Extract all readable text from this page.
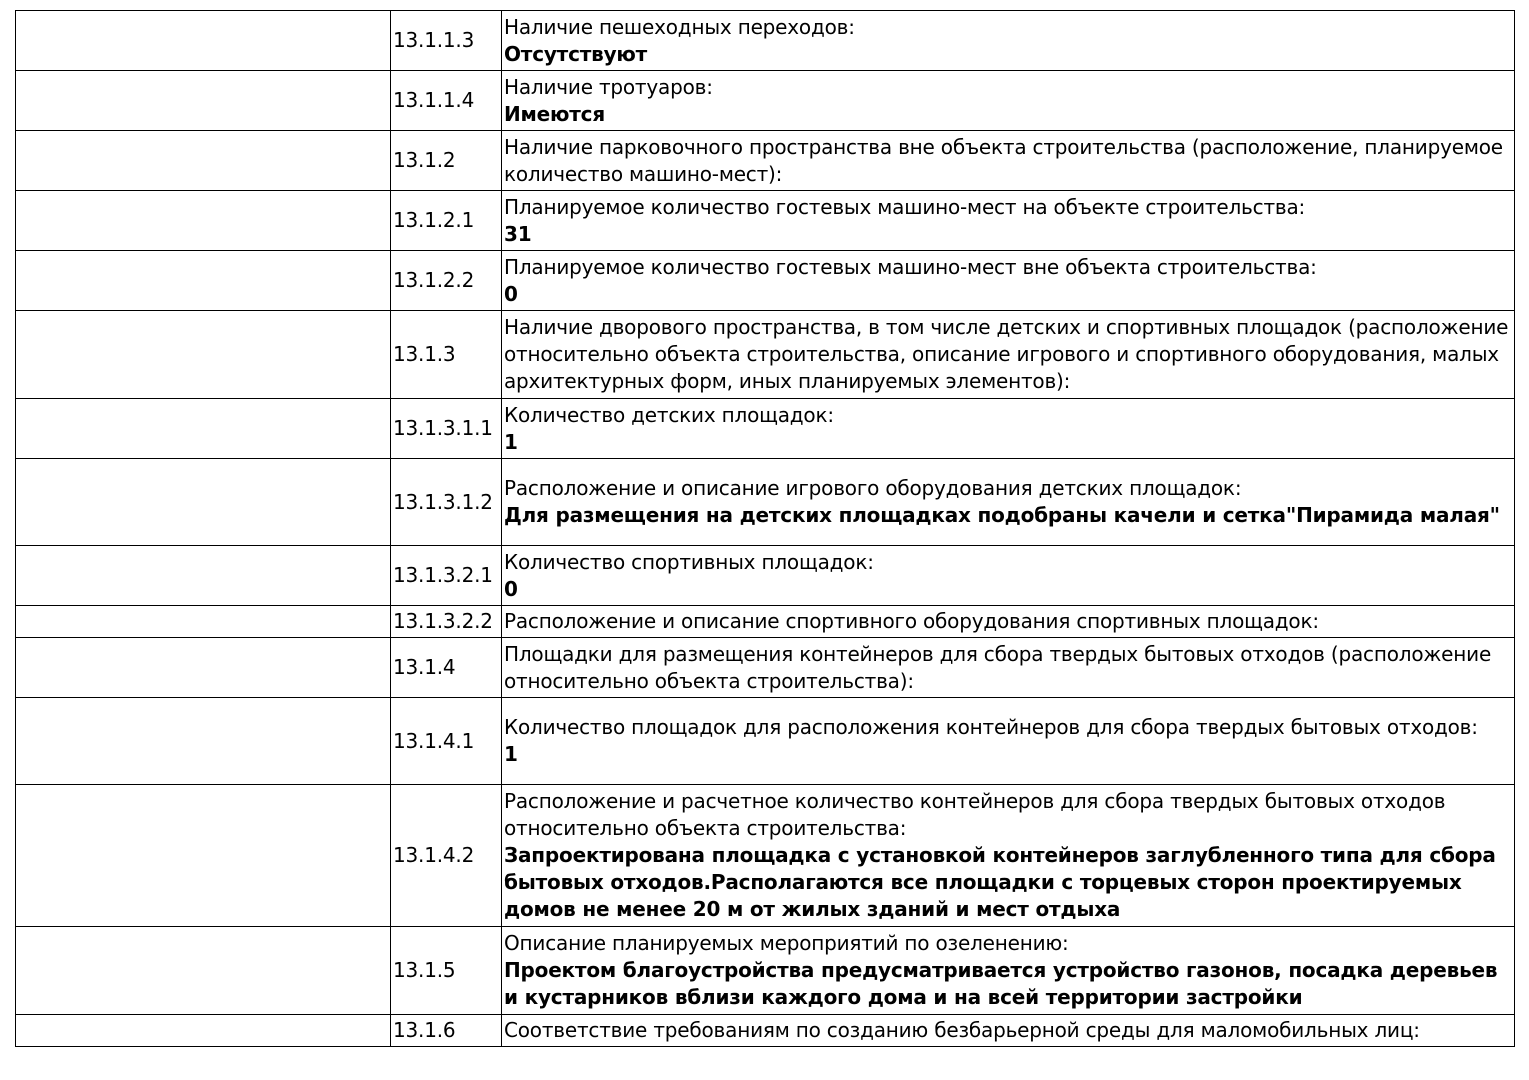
	13.1.1.3	Наличие пешеходных переходов:
Отсутствуют

	13.1.1.4	Наличие тротуаров:
Имеются

	13.1.2	Наличие парковочного пространства вне объекта строительства (расположение, планируемое количество машино-мест):

	13.1.2.1	Планируемое количество гостевых машино-мест на объекте строительства:
31

	13.1.2.2	Планируемое количество гостевых машино-мест вне объекта строительства:
0

	13.1.3	Наличие дворового пространства, в том числе детских и спортивных площадок (расположение относительно объекта строительства, описание игрового и спортивного оборудования, малых архитектурных форм, иных планируемых элементов):

	13.1.3.1.1	Количество детских площадок:
1

	13.1.3.1.2	Расположение и описание игрового оборудования детских площадок:
Для размещения на детских площадках подобраны качели и сетка"Пирамида малая"

	13.1.3.2.1	Количество спортивных площадок:
0

	13.1.3.2.2	Расположение и описание спортивного оборудования спортивных площадок:

	13.1.4	Площадки для размещения контейнеров для сбора твердых бытовых отходов (расположение относительно объекта строительства):

	13.1.4.1	Количество площадок для расположения контейнеров для сбора твердых бытовых отходов:
1

	13.1.4.2	Расположение и расчетное количество контейнеров для сбора твердых бытовых отходов относительно объекта строительства:
Запроектирована площадка с установкой контейнеров заглубленного типа для сбора бытовых отходов.Располагаются все площадки с торцевых сторон проектируемых домов не менее 20 м от жилых зданий и мест отдыха

	13.1.5	Описание планируемых мероприятий по озеленению:
Проектом благоустройства предусматривается устройство газонов, посадка деревьев и кустарников вблизи каждого дома и на всей территории застройки

	13.1.6	Соответствие требованиям по созданию безбарьерной среды для маломобильных лиц:
